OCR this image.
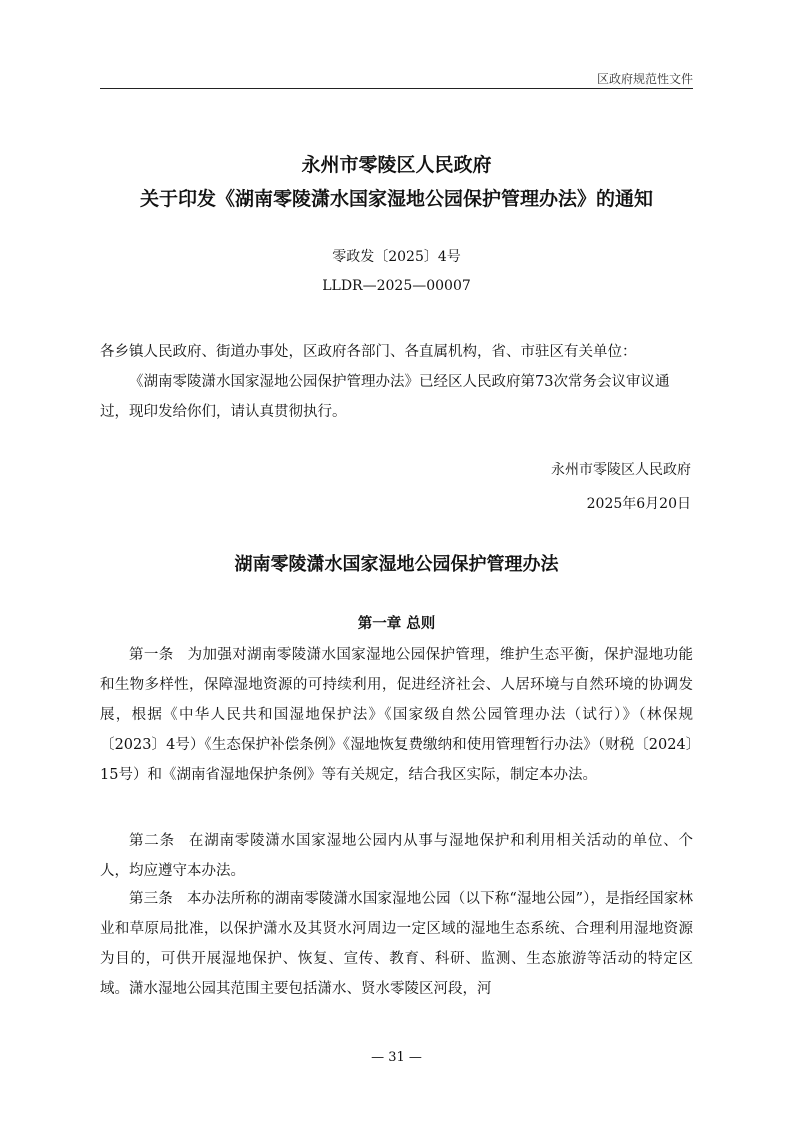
区政府规范性文件
永州市零陵区人民政府
关于印发《湖南零陵潇水国家湿地公园保护管理办法》的通知
零政发〔2025〕4号
LLDR—2025—00007
各乡镇人民政府、街道办事处，区政府各部门、各直属机构，省、市驻区有关单位：
《湖南零陵潇水国家湿地公园保护管理办法》已经区人民政府第73次常务会议审议通过，现印发给你们，请认真贯彻执行。
永州市零陵区人民政府
2025年6月20日
湖南零陵潇水国家湿地公园保护管理办法
第一章 总则
第一条 为加强对湖南零陵潇水国家湿地公园保护管理，维护生态平衡，保护湿地功能和生物多样性，保障湿地资源的可持续利用，促进经济社会、人居环境与自然环境的协调发展，根据《中华人民共和国湿地保护法》《国家级自然公园管理办法（试行）》（林保规〔2023〕4号）《生态保护补偿条例》《湿地恢复费缴纳和使用管理暂行办法》（财税〔2024〕15号）和《湖南省湿地保护条例》等有关规定，结合我区实际，制定本办法。
第二条 在湖南零陵潇水国家湿地公园内从事与湿地保护和利用相关活动的单位、个人，均应遵守本办法。
第三条 本办法所称的湖南零陵潇水国家湿地公园（以下称“湿地公园”），是指经国家林业和草原局批准，以保护潇水及其贤水河周边一定区域的湿地生态系统、合理利用湿地资源为目的，可供开展湿地保护、恢复、宣传、教育、科研、监测、生态旅游等活动的特定区域。潇水湿地公园其范围主要包括潇水、贤水零陵区河段，河
— 31 —
